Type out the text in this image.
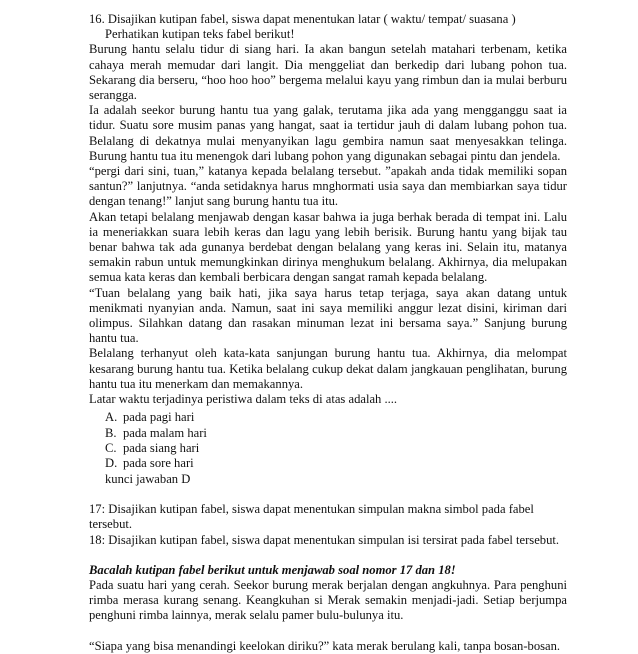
16. Disajikan kutipan fabel, siswa dapat menentukan latar ( waktu/ tempat/ suasana )

Perhatikan kutipan teks fabel berikut!

Burung hantu selalu tidur di siang hari. Ia akan bangun setelah matahari terbenam, ketika cahaya merah memudar dari langit. Dia menggeliat dan berkedip dari lubang pohon tua. Sekarang dia berseru, “hoo hoo hoo” bergema melalui kayu yang rimbun dan ia mulai berburu serangga.

Ia adalah seekor burung hantu tua yang galak, terutama jika ada yang mengganggu saat ia tidur. Suatu sore musim panas yang hangat, saat ia tertidur jauh di dalam lubang pohon tua. Belalang di dekatnya mulai menyanyikan lagu gembira namun saat menyesakkan telinga. Burung hantu tua itu menengok dari lubang pohon yang digunakan sebagai pintu dan jendela.

“pergi dari sini, tuan,” katanya kepada belalang tersebut. ”apakah anda tidak memiliki sopan santun?” lanjutnya. “anda setidaknya harus mnghormati usia saya dan membiarkan saya tidur dengan tenang!” lanjut sang burung hantu tua itu.

Akan tetapi belalang menjawab dengan kasar bahwa ia juga berhak berada di tempat ini. Lalu ia meneriakkan suara lebih keras dan lagu yang lebih berisik. Burung hantu yang bijak tau benar bahwa tak ada gunanya berdebat dengan belalang yang keras ini. Selain itu, matanya semakin rabun untuk memungkinkan dirinya menghukum belalang. Akhirnya, dia melupakan semua kata keras dan kembali berbicara dengan sangat ramah kepada belalang.

“Tuan belalang yang baik hati, jika saya harus tetap terjaga, saya akan datang untuk menikmati nyanyian anda. Namun, saat ini saya memiliki anggur lezat disini, kiriman dari olimpus. Silahkan datang dan rasakan minuman lezat ini bersama saya.” Sanjung burung hantu tua.

Belalang terhanyut oleh kata-kata sanjungan burung hantu tua. Akhirnya, dia melompat kesarang burung hantu tua. Ketika belalang cukup dekat dalam jangkauan penglihatan, burung hantu tua itu menerkam dan memakannya.

Latar waktu terjadinya peristiwa dalam teks di atas adalah ....

A. pada pagi hari
B. pada malam hari
C. pada siang hari
D. pada sore hari
kunci jawaban D

17: Disajikan kutipan fabel, siswa dapat menentukan simpulan makna simbol pada fabel tersebut.

18: Disajikan kutipan fabel, siswa dapat menentukan simpulan isi tersirat pada fabel tersebut.

Bacalah kutipan fabel berikut untuk menjawab soal nomor 17 dan 18!

Pada suatu hari yang cerah. Seekor burung merak berjalan dengan angkuhnya. Para penghuni rimba merasa kurang senang. Keangkuhan si Merak semakin menjadi-jadi. Setiap berjumpa penghuni rimba lainnya, merak selalu pamer bulu-bulunya itu.

“Siapa yang bisa menandingi keelokan diriku?” kata merak berulang kali, tanpa bosan-bosan.
